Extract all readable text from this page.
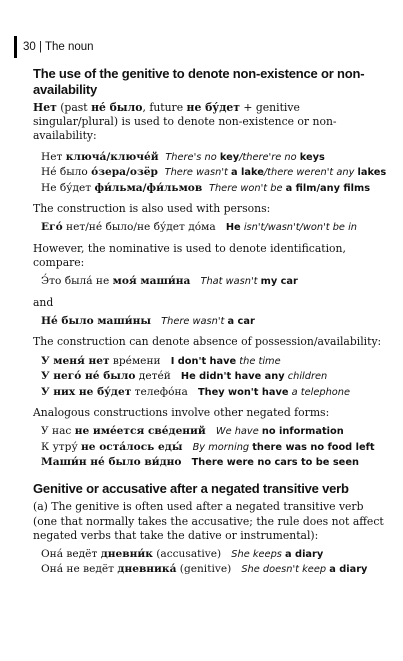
30 | The noun
The use of the genitive to denote non-existence or non-availability

Нет (past не́ было, future не бу́дет + genitive singular/plural) is used to denote non-existence or non-availability:

Нет ключа́/ключе́й There's no key/there're no keys
Не́ было о́зера/озёр There wasn't a lake/there weren't any lakes
Не бу́дет фи́льма/фи́льмов There won't be a film/any films

The construction is also used with persons:

Его́ нет/не́ было/не бу́дет до́ма He isn't/wasn't/won't be in

However, the nominative is used to denote identification, compare:

Э́то была́ не моя́ маши́на That wasn't my car

and

Не́ было маши́ны There wasn't a car

The construction can denote absence of possession/availability:

У меня́ нет вре́мени I don't have the time
У него́ не́ было дете́й He didn't have any children
У них не бу́дет телефо́на They won't have a telephone

Analogous constructions involve other negated forms:

У нас не име́ется све́дений We have no information
К утру́ не оста́лось еды́ By morning there was no food left
Маши́н не́ было ви́дно There were no cars to be seen
Genitive or accusative after a negated transitive verb

(a) The genitive is often used after a negated transitive verb (one that normally takes the accusative; the rule does not affect negated verbs that take the dative or instrumental):

Она́ ведёт дневни́к (accusative) She keeps a diary
Она́ не ведёт дневника́ (genitive) She doesn't keep a diary
